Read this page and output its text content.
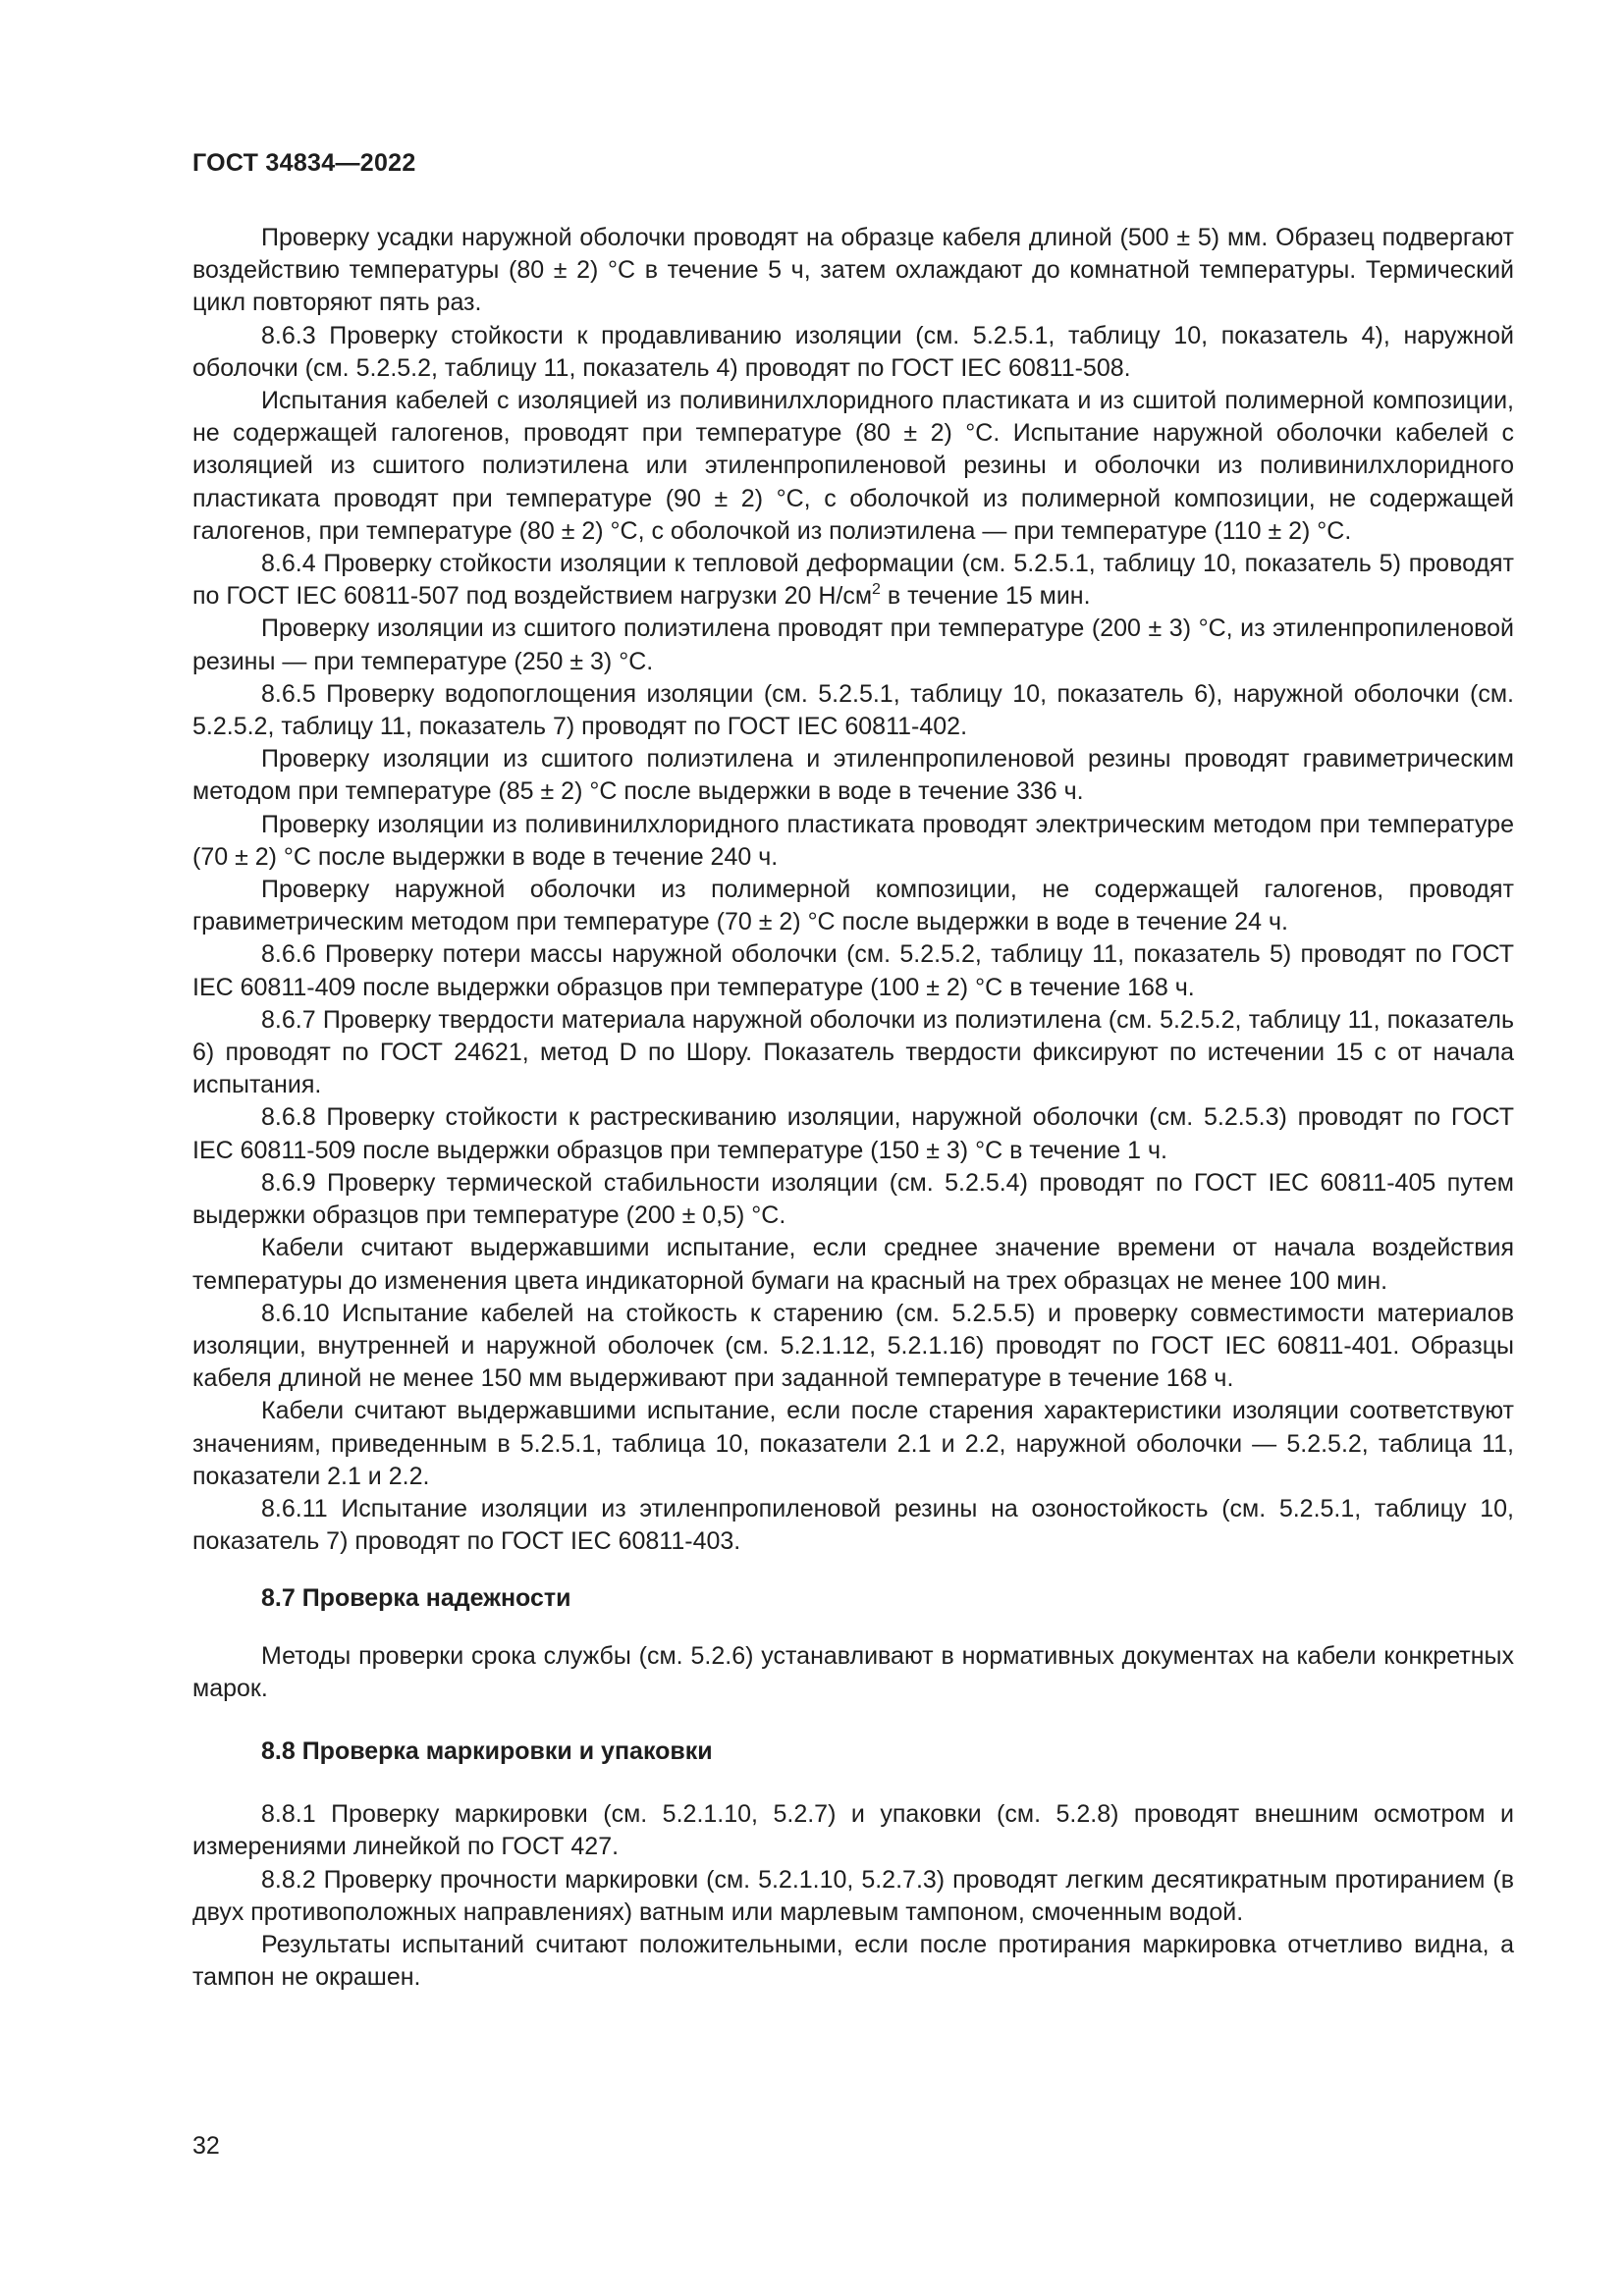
ГОСТ 34834—2022

Проверку усадки наружной оболочки проводят на образце кабеля длиной (500 ± 5) мм. Образец подвергают воздействию температуры (80 ± 2) °С в течение 5 ч, затем охлаждают до комнатной температуры. Термический цикл повторяют пять раз.

8.6.3 Проверку стойкости к продавливанию изоляции (см. 5.2.5.1, таблицу 10, показатель 4), наружной оболочки (см. 5.2.5.2, таблицу 11, показатель 4) проводят по ГОСТ IEC 60811-508.

Испытания кабелей с изоляцией из поливинилхлоридного пластиката и из сшитой полимерной композиции, не содержащей галогенов, проводят при температуре (80 ± 2) °С. Испытание наружной оболочки кабелей с изоляцией из сшитого полиэтилена или этиленпропиленовой резины и оболочки из поливинилхлоридного пластиката проводят при температуре (90 ± 2) °С, с оболочкой из полимерной композиции, не содержащей галогенов, при температуре (80 ± 2) °С, с оболочкой из полиэтилена — при температуре (110 ± 2) °С.

8.6.4 Проверку стойкости изоляции к тепловой деформации (см. 5.2.5.1, таблицу 10, показатель 5) проводят по ГОСТ IEC 60811-507 под воздействием нагрузки 20 $Н/см^2$ в течение 15 мин.

Проверку изоляции из сшитого полиэтилена проводят при температуре (200 ± 3) °С, из этиленпропиленовой резины — при температуре (250 ± 3) °С.

8.6.5 Проверку водопоглощения изоляции (см. 5.2.5.1, таблицу 10, показатель 6), наружной оболочки (см. 5.2.5.2, таблицу 11, показатель 7) проводят по ГОСТ IEC 60811-402.

Проверку изоляции из сшитого полиэтилена и этиленпропиленовой резины проводят гравиметрическим методом при температуре (85 ± 2) °С после выдержки в воде в течение 336 ч.

Проверку изоляции из поливинилхлоридного пластиката проводят электрическим методом при температуре (70 ± 2) °С после выдержки в воде в течение 240 ч.

Проверку наружной оболочки из полимерной композиции, не содержащей галогенов, проводят гравиметрическим методом при температуре (70 ± 2) °С после выдержки в воде в течение 24 ч.

8.6.6 Проверку потери массы наружной оболочки (см. 5.2.5.2, таблицу 11, показатель 5) проводят по ГОСТ IEC 60811-409 после выдержки образцов при температуре (100 ± 2) °С в течение 168 ч.

8.6.7 Проверку твердости материала наружной оболочки из полиэтилена (см. 5.2.5.2, таблицу 11, показатель 6) проводят по ГОСТ 24621, метод D по Шору. Показатель твердости фиксируют по истечении 15 с от начала испытания.

8.6.8 Проверку стойкости к растрескиванию изоляции, наружной оболочки (см. 5.2.5.3) проводят по ГОСТ IEC 60811-509 после выдержки образцов при температуре (150 ± 3) °С в течение 1 ч.

8.6.9 Проверку термической стабильности изоляции (см. 5.2.5.4) проводят по ГОСТ IEC 60811-405 путем выдержки образцов при температуре (200 ± 0,5) °С.

Кабели считают выдержавшими испытание, если среднее значение времени от начала воздействия температуры до изменения цвета индикаторной бумаги на красный на трех образцах не менее 100 мин.

8.6.10 Испытание кабелей на стойкость к старению (см. 5.2.5.5) и проверку совместимости материалов изоляции, внутренней и наружной оболочек (см. 5.2.1.12, 5.2.1.16) проводят по ГОСТ IEC 60811-401. Образцы кабеля длиной не менее 150 мм выдерживают при заданной температуре в течение 168 ч.

Кабели считают выдержавшими испытание, если после старения характеристики изоляции соответствуют значениям, приведенным в 5.2.5.1, таблица 10, показатели 2.1 и 2.2, наружной оболочки — 5.2.5.2, таблица 11, показатели 2.1 и 2.2.

8.6.11 Испытание изоляции из этиленпропиленовой резины на озоностойкость (см. 5.2.5.1, таблицу 10, показатель 7) проводят по ГОСТ IEC 60811-403.

8.7 Проверка надежности

Методы проверки срока службы (см. 5.2.6) устанавливают в нормативных документах на кабели конкретных марок.

8.8 Проверка маркировки и упаковки

8.8.1 Проверку маркировки (см. 5.2.1.10, 5.2.7) и упаковки (см. 5.2.8) проводят внешним осмотром и измерениями линейкой по ГОСТ 427.

8.8.2 Проверку прочности маркировки (см. 5.2.1.10, 5.2.7.3) проводят легким десятикратным протиранием (в двух противоположных направлениях) ватным или марлевым тампоном, смоченным водой.

Результаты испытаний считают положительными, если после протирания маркировка отчетливо видна, а тампон не окрашен.

32
